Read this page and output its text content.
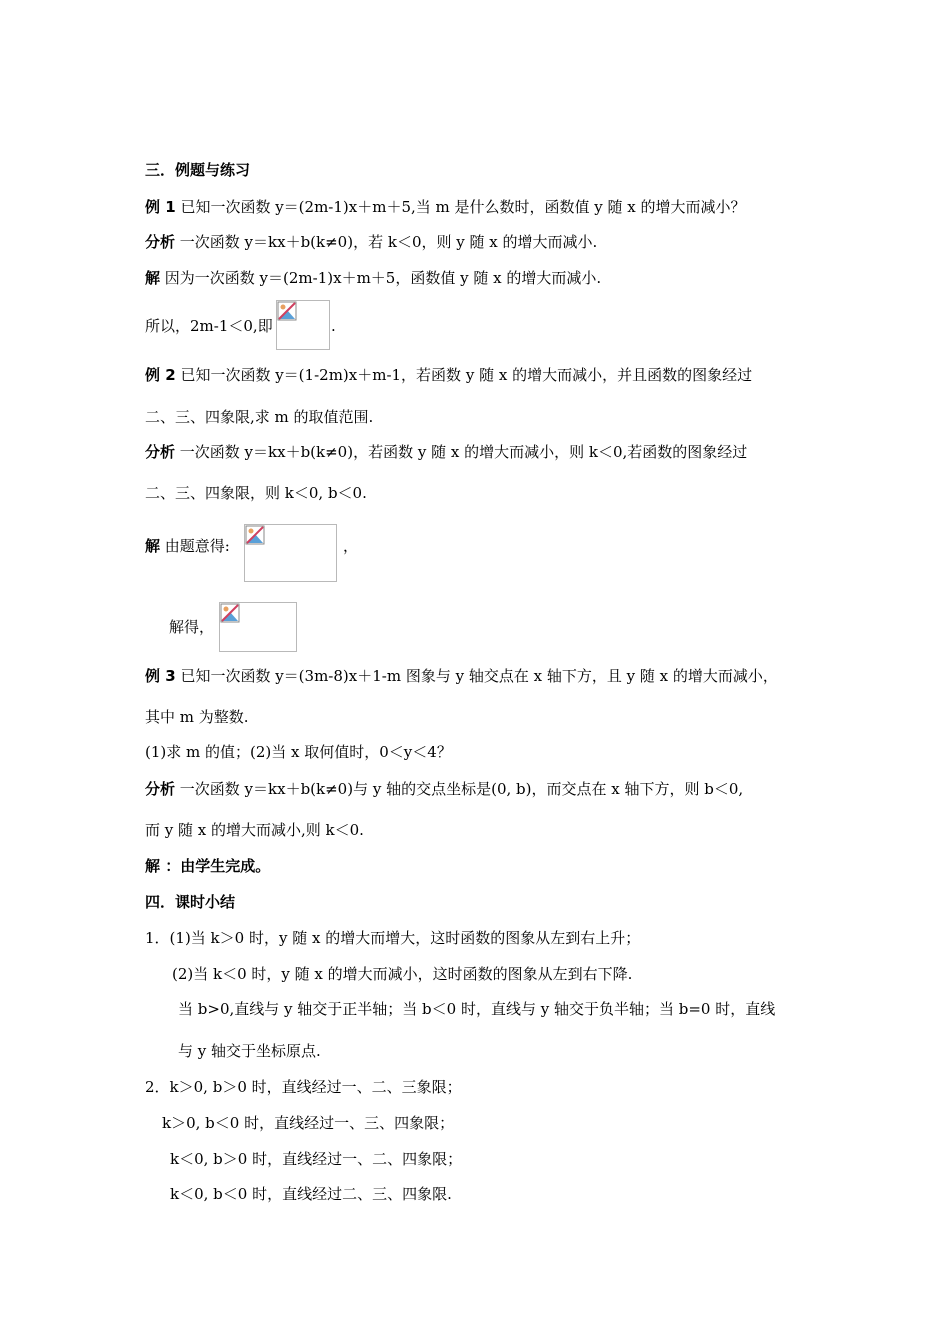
三．例题与练习
例 1 已知一次函数 y＝(2m-1)x＋m＋5,当 m 是什么数时，函数值 y 随 x 的增大而减小？
分析 一次函数 y＝kx＋b(k≠0)，若 k＜0，则 y 随 x 的增大而减小.
解 因为一次函数 y＝(2m-1)x＋m＋5，函数值 y 随 x 的增大而减小.
所以，2m-1＜0,即	.
例 2 已知一次函数 y＝(1-2m)x＋m-1，若函数 y 随 x 的增大而减小，并且函数的图象经过
二、三、四象限,求 m 的取值范围.
分析 一次函数 y＝kx＋b(k≠0)，若函数 y 随 x 的增大而减小，则 k＜0,若函数的图象经过
二、三、四象限，则 k＜0, b＜0.
解 由题意得:	，
解得，
例 3 已知一次函数 y＝(3m-8)x＋1-m 图象与 y 轴交点在 x 轴下方，且 y 随 x 的增大而减小，
其中 m 为整数.
(1)求 m 的值；(2)当 x 取何值时，0＜y＜4？
分析 一次函数 y＝kx＋b(k≠0)与 y 轴的交点坐标是(0, b)，而交点在 x 轴下方，则 b＜0,
而 y 随 x 的增大而减小,则 k＜0.
解 ：由学生完成。
四．课时小结
1．(1)当 k＞0 时，y 随 x 的增大而增大，这时函数的图象从左到右上升；
(2)当 k＜0 时，y 随 x 的增大而减小，这时函数的图象从左到右下降.
当 b>0,直线与 y 轴交于正半轴；当 b＜0 时，直线与 y 轴交于负半轴；当 b=0 时，直线
与 y 轴交于坐标原点.
2．k＞0, b＞0 时，直线经过一、二、三象限；
k＞0, b＜0 时，直线经过一、三、四象限；
k＜0, b＞0 时，直线经过一、二、四象限；
k＜0, b＜0 时，直线经过二、三、四象限.
